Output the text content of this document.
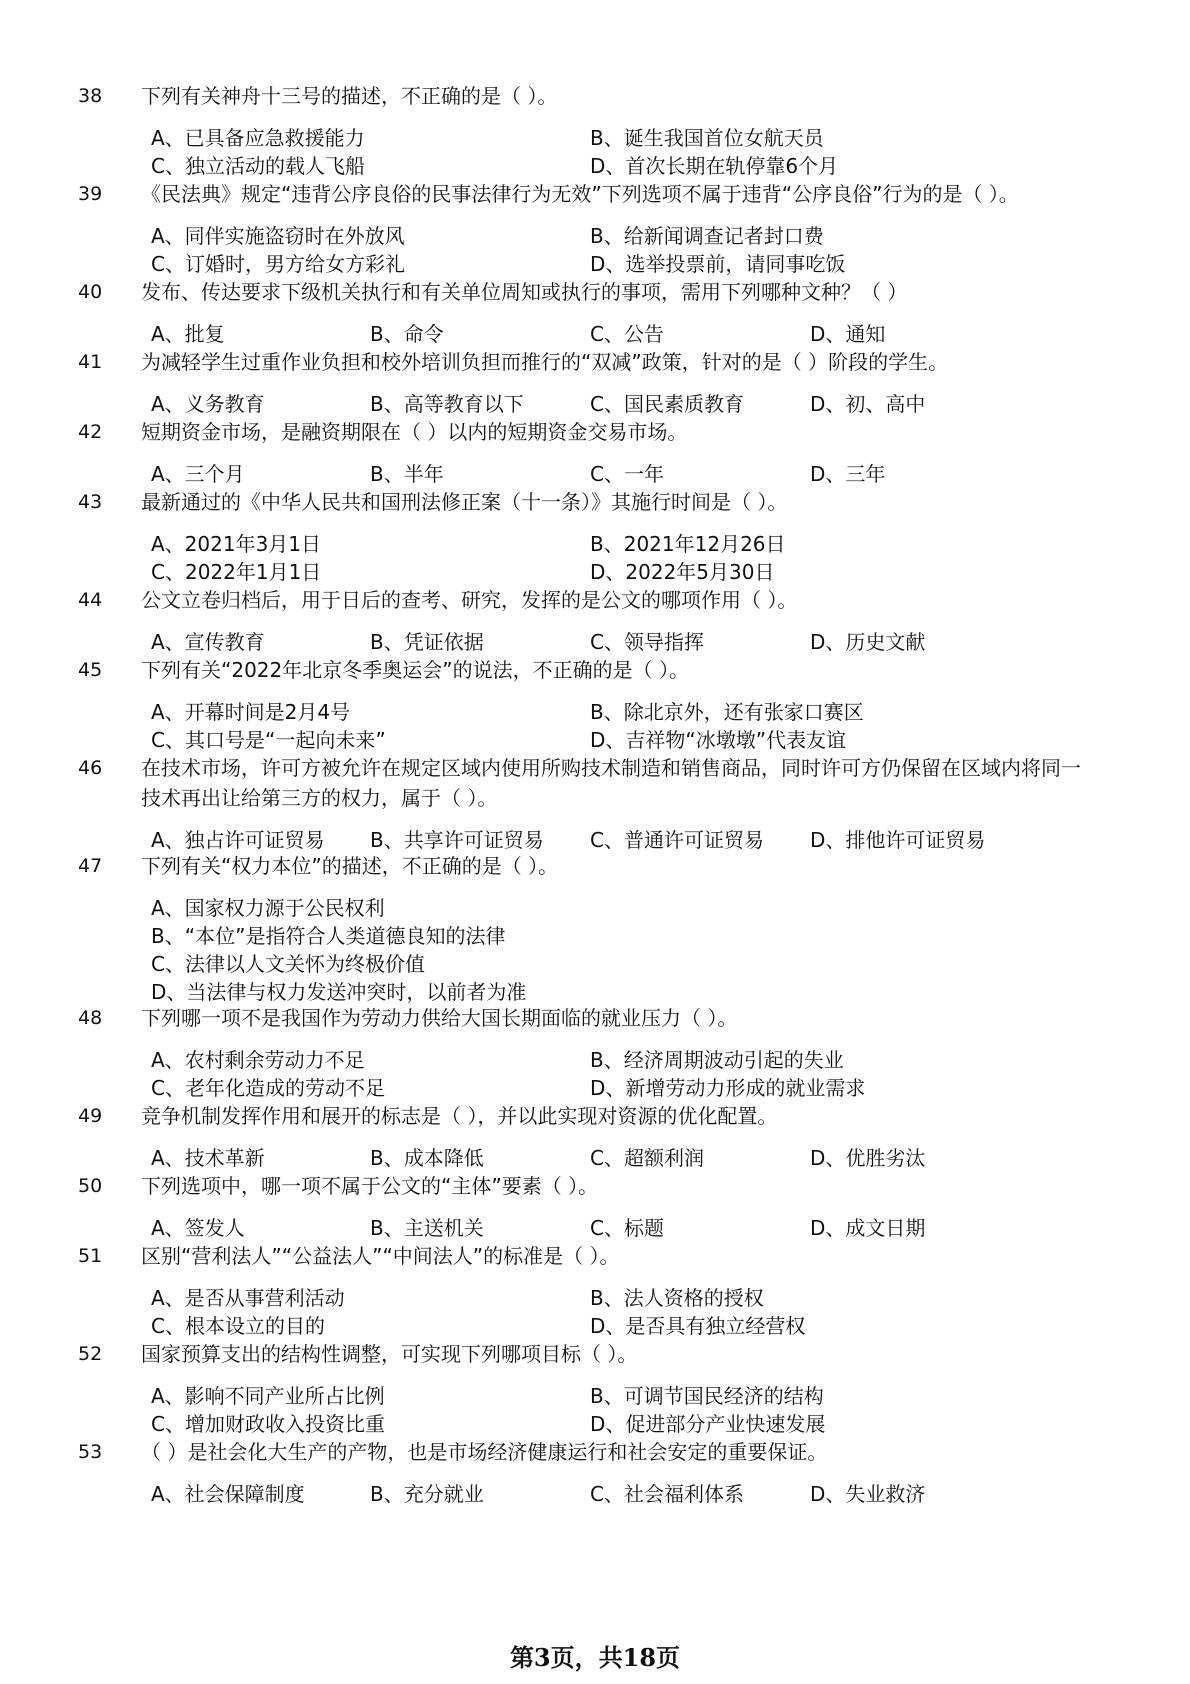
38 下列有关神舟十三号的描述，不正确的是（ ）。
A、已具备应急救援能力	B、诞生我国首位女航天员
C、独立活动的载人飞船	D、首次长期在轨停靠6个月
39 《民法典》规定“违背公序良俗的民事法律行为无效”下列选项不属于违背“公序良俗”行为的是（ ）。
A、同伴实施盗窃时在外放风	B、给新闻调查记者封口费
C、订婚时，男方给女方彩礼	D、选举投票前，请同事吃饭
40 发布、传达要求下级机关执行和有关单位周知或执行的事项，需用下列哪种文种？（ ）
A、批复	B、命令	C、公告	D、通知
41 为减轻学生过重作业负担和校外培训负担而推行的“双减”政策，针对的是（ ）阶段的学生。
A、义务教育	B、高等教育以下	C、国民素质教育	D、初、高中
42 短期资金市场，是融资期限在（ ）以内的短期资金交易市场。
A、三个月	B、半年	C、一年	D、三年
43 最新通过的《中华人民共和国刑法修正案（十一条）》其施行时间是（ ）。
A、2021年3月1日	B、2021年12月26日
C、2022年1月1日	D、2022年5月30日
44 公文立卷归档后，用于日后的查考、研究，发挥的是公文的哪项作用（ ）。
A、宣传教育	B、凭证依据	C、领导指挥	D、历史文献
45 下列有关“2022年北京冬季奥运会”的说法，不正确的是（ ）。
A、开幕时间是2月4号	B、除北京外，还有张家口赛区
C、其口号是“一起向未来”	D、吉祥物“冰墩墩”代表友谊
46 在技术市场，许可方被允许在规定区域内使用所购技术制造和销售商品，同时许可方仍保留在区域内将同一技术再出让给第三方的权力，属于（ ）。
A、独占许可证贸易 B、共享许可证贸易 C、普通许可证贸易 D、排他许可证贸易
47 下列有关“权力本位”的描述，不正确的是（ ）。
A、国家权力源于公民权利
B、“本位”是指符合人类道德良知的法律
C、法律以人文关怀为终极价值
D、当法律与权力发送冲突时，以前者为准
48 下列哪一项不是我国作为劳动力供给大国长期面临的就业压力（ ）。
A、农村剩余劳动力不足	B、经济周期波动引起的失业
C、老年化造成的劳动不足	D、新增劳动力形成的就业需求
49 竞争机制发挥作用和展开的标志是（ ），并以此实现对资源的优化配置。
A、技术革新	B、成本降低	C、超额利润	D、优胜劣汰
50 下列选项中，哪一项不属于公文的“主体”要素（ ）。
A、签发人	B、主送机关	C、标题	D、成文日期
51 区别“营利法人”“公益法人”“中间法人”的标准是（ ）。
A、是否从事营利活动	B、法人资格的授权
C、根本设立的目的	D、是否具有独立经营权
52 国家预算支出的结构性调整，可实现下列哪项目标（ ）。
A、影响不同产业所占比例	B、可调节国民经济的结构
C、增加财政收入投资比重	D、促进部分产业快速发展
53 （ ）是社会化大生产的产物，也是市场经济健康运行和社会安定的重要保证。
A、社会保障制度	B、充分就业	C、社会福利体系	D、失业救济
第3页，共18页
